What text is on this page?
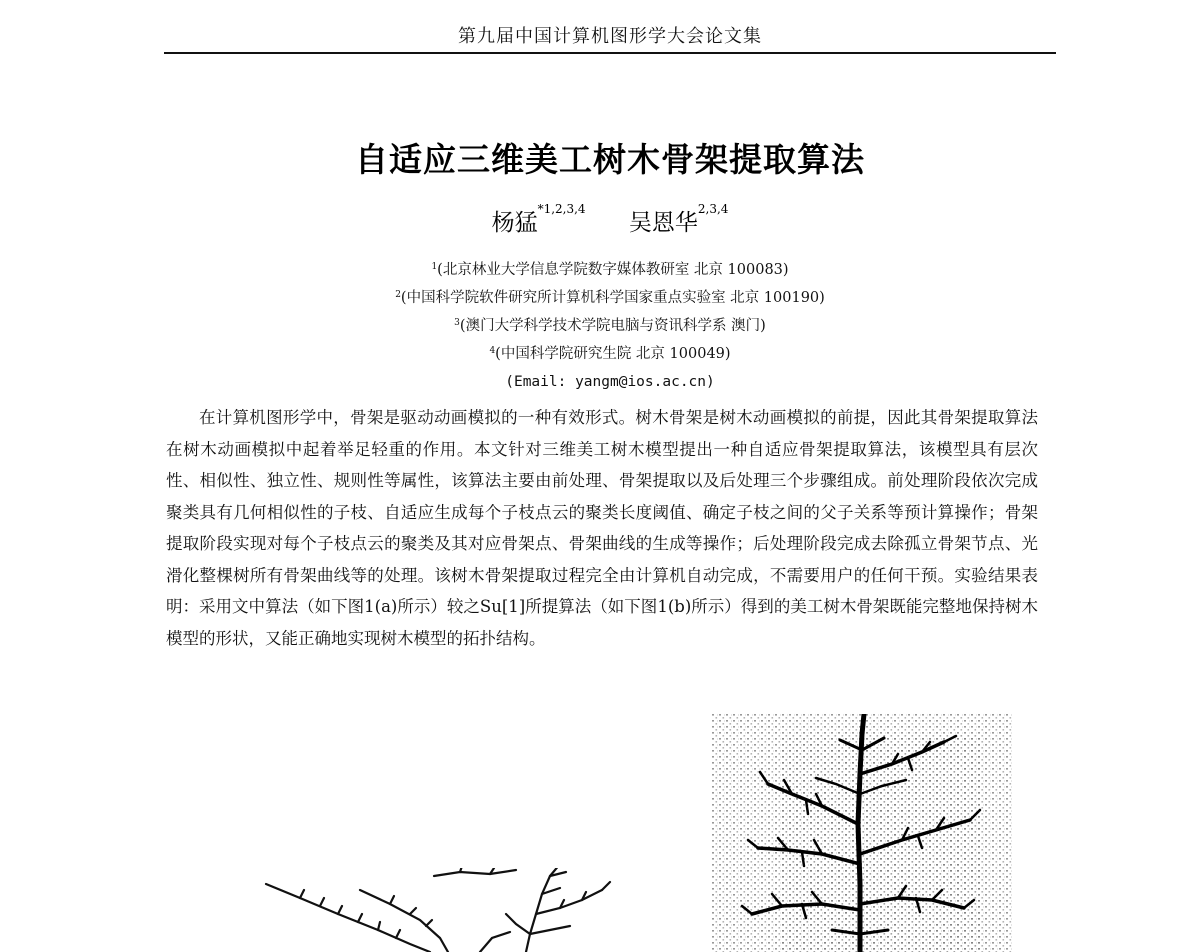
第九届中国计算机图形学大会论文集
自适应三维美工树木骨架提取算法
杨猛$^{*1,2,3,4}$ 吴恩华$^{2,3,4}$
$^1$(北京林业大学信息学院数字媒体教研室 北京 100083)
$^2$(中国科学院软件研究所计算机科学国家重点实验室 北京 100190)
$^3$(澳门大学科学技术学院电脑与资讯科学系 澳门)
$^4$(中国科学院研究生院 北京 100049)
(Email: yangm@ios.ac.cn)
在计算机图形学中，骨架是驱动动画模拟的一种有效形式。树木骨架是树木动画模拟的前提，因此其骨架提取算法在树木动画模拟中起着举足轻重的作用。本文针对三维美工树木模型提出一种自适应骨架提取算法，该模型具有层次性、相似性、独立性、规则性等属性，该算法主要由前处理、骨架提取以及后处理三个步骤组成。前处理阶段依次完成聚类具有几何相似性的子枝、自适应生成每个子枝点云的聚类长度阈值、确定子枝之间的父子关系等预计算操作；骨架提取阶段实现对每个子枝点云的聚类及其对应骨架点、骨架曲线的生成等操作；后处理阶段完成去除孤立骨架节点、光滑化整棵树所有骨架曲线等的处理。该树木骨架提取过程完全由计算机自动完成，不需要用户的任何干预。实验结果表明：采用文中算法（如下图1(a)所示）较之Su[1]所提算法（如下图1(b)所示）得到的美工树木骨架既能完整地保持树木模型的形状，又能正确地实现树木模型的拓扑结构。
